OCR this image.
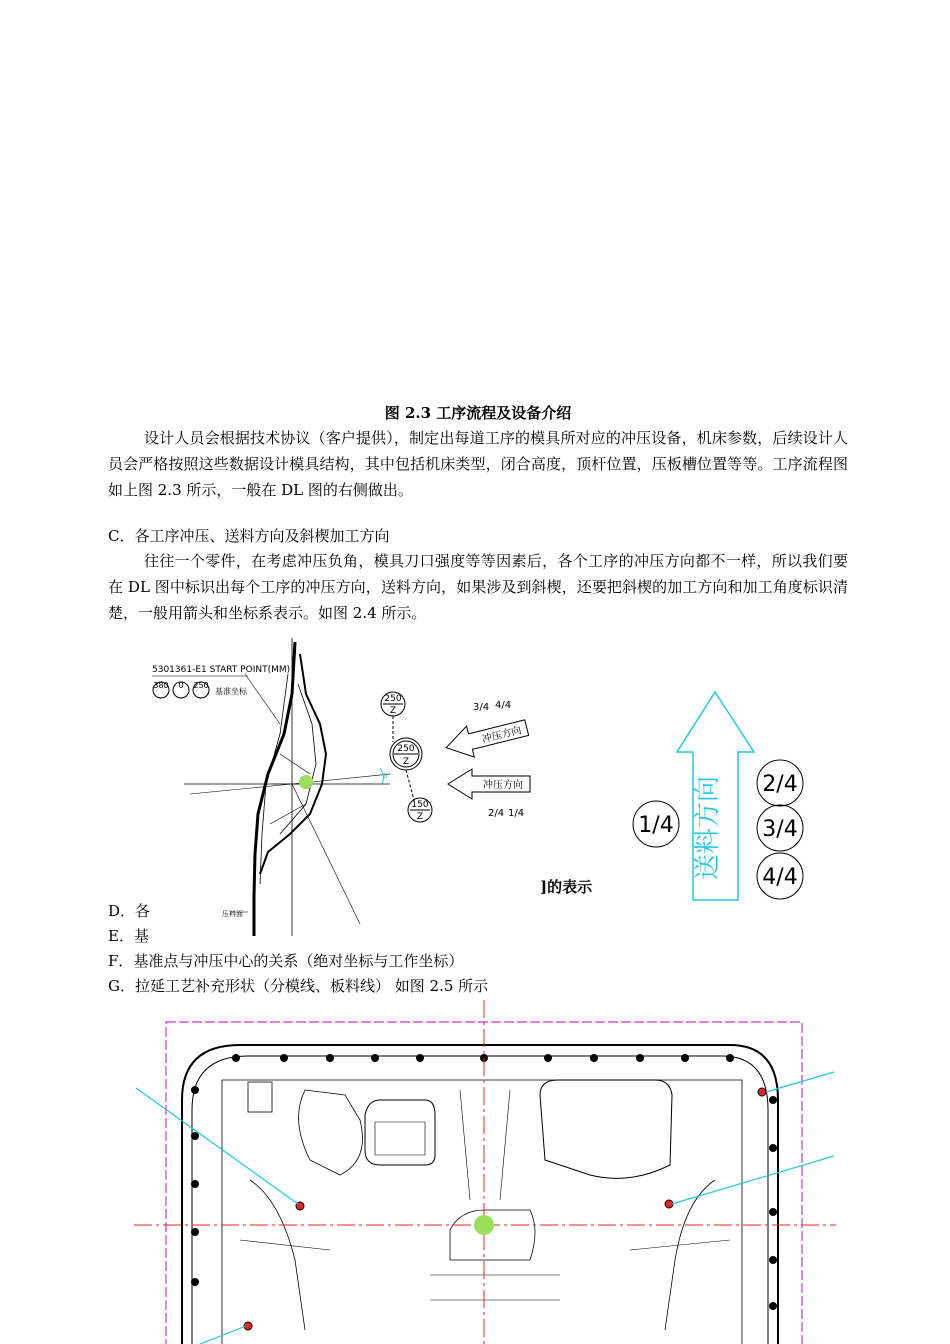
图 2.3 工序流程及设备介绍
设计人员会根据技术协议（客户提供），制定出每道工序的模具所对应的冲压设备，机床参数，后续设计人员会严格按照这些数据设计模具结构，其中包括机床类型，闭合高度，顶杆位置，压板槽位置等等。工序流程图如上图 2.3 所示，一般在 DL 图的右侧做出。
C．各工序冲压、送料方向及斜楔加工方向
往往一个零件，在考虑冲压负角，模具刀口强度等等因素后，各个工序的冲压方向都不一样，所以我们要在 DL 图中标识出每个工序的冲压方向，送料方向，如果涉及到斜楔，还要把斜楔的加工方向和加工角度标识清楚，一般用箭头和坐标系表示。如图 2.4 所示。
5301361-E1 START POINT(MM)
380 0 250
基准坐标
压料面
250
Z
250
Z
150
Z
6°
冲压方向
3/4 4/4
冲压方向
2/4 1/4	送料方向
1/4
2/4
3/4
4/4
]的表示
D．各
E．基
F．基准点与冲压中心的关系（绝对坐标与工作坐标）
G．拉延工艺补充形状（分模线、板料线） 如图 2.5 所示
